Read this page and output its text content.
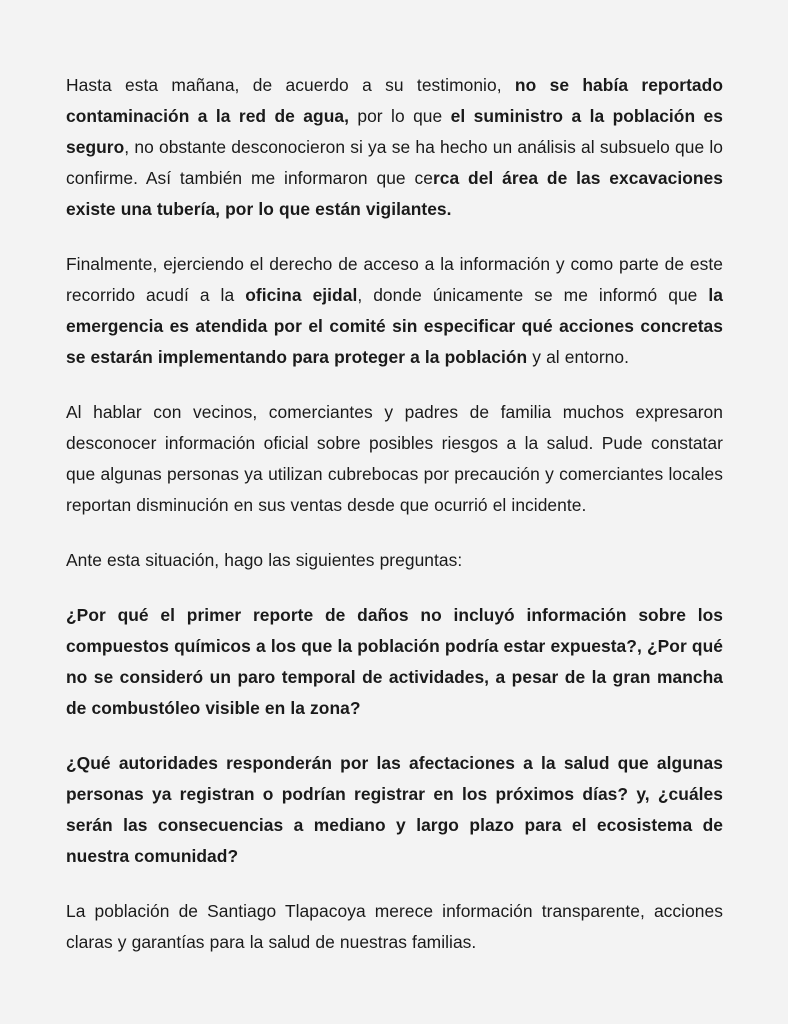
Hasta esta mañana, de acuerdo a su testimonio, no se había reportado contaminación a la red de agua, por lo que el suministro a la población es seguro, no obstante desconocieron si ya se ha hecho un análisis al subsuelo que lo confirme. Así también me informaron que cerca del área de las excavaciones existe una tubería, por lo que están vigilantes.

Finalmente, ejerciendo el derecho de acceso a la información y como parte de este recorrido acudí a la oficina ejidal, donde únicamente se me informó que la emergencia es atendida por el comité sin especificar qué acciones concretas se estarán implementando para proteger a la población y al entorno.

Al hablar con vecinos, comerciantes y padres de familia muchos expresaron desconocer información oficial sobre posibles riesgos a la salud. Pude constatar que algunas personas ya utilizan cubrebocas por precaución y comerciantes locales reportan disminución en sus ventas desde que ocurrió el incidente.

Ante esta situación, hago las siguientes preguntas:

¿Por qué el primer reporte de daños no incluyó información sobre los compuestos químicos a los que la población podría estar expuesta?, ¿Por qué no se consideró un paro temporal de actividades, a pesar de la gran mancha de combustóleo visible en la zona?

¿Qué autoridades responderán por las afectaciones a la salud que algunas personas ya registran o podrían registrar en los próximos días? y, ¿cuáles serán las consecuencias a mediano y largo plazo para el ecosistema de nuestra comunidad?

La población de Santiago Tlapacoya merece información transparente, acciones claras y garantías para la salud de nuestras familias.
